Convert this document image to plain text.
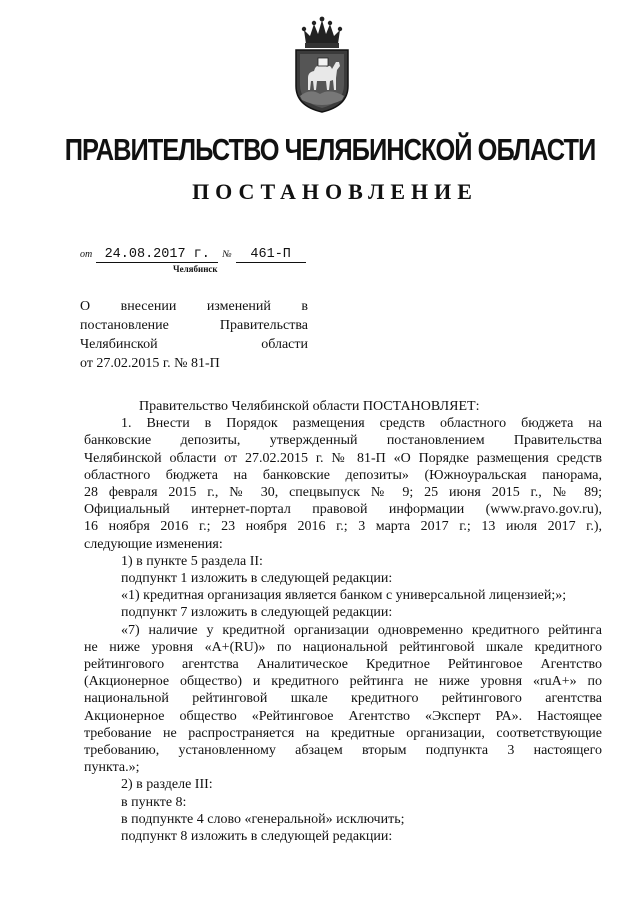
ПРАВИТЕЛЬСТВО ЧЕЛЯБИНСКОЙ ОБЛАСТИ
ПОСТАНОВЛЕНИЕ
от 24.08.2017 г. № 461-П
Челябинск
О внесении изменений в
постановление Правительства
Челябинской области
от 27.02.2015 г. № 81-П

Правительство Челябинской области ПОСТАНОВЛЯЕТ:

1. Внести в Порядок размещения средств областного бюджета на

банковские депозиты, утвержденный постановлением Правительства

Челябинской области от 27.02.2015 г. № 81-П «О Порядке размещения средств

областного бюджета на банковские депозиты» (Южноуральская панорама,

28 февраля 2015 г., № 30, спецвыпуск № 9; 25 июня 2015 г., № 89;

Официальный интернет-портал правовой информации (www.pravo.gov.ru),

16 ноября 2016 г.; 23 ноября 2016 г.; 3 марта 2017 г.; 13 июля 2017 г.),

следующие изменения:

1) в пункте 5 раздела II:

подпункт 1 изложить в следующей редакции:

«1) кредитная организация является банком с универсальной лицензией;»;

подпункт 7 изложить в следующей редакции:

«7) наличие у кредитной организации одновременно кредитного рейтинга

не ниже уровня «A+(RU)» по национальной рейтинговой шкале кредитного

рейтингового агентства Аналитическое Кредитное Рейтинговое Агентство

(Акционерное общество) и кредитного рейтинга не ниже уровня «ruA+» по

национальной рейтинговой шкале кредитного рейтингового агентства

Акционерное общество «Рейтинговое Агентство «Эксперт РА». Настоящее

требование не распространяется на кредитные организации, соответствующие

требованию, установленному абзацем вторым подпункта 3 настоящего

пункта.»;

2) в разделе III:

в пункте 8:

в подпункте 4 слово «генеральной» исключить;

подпункт 8 изложить в следующей редакции:
